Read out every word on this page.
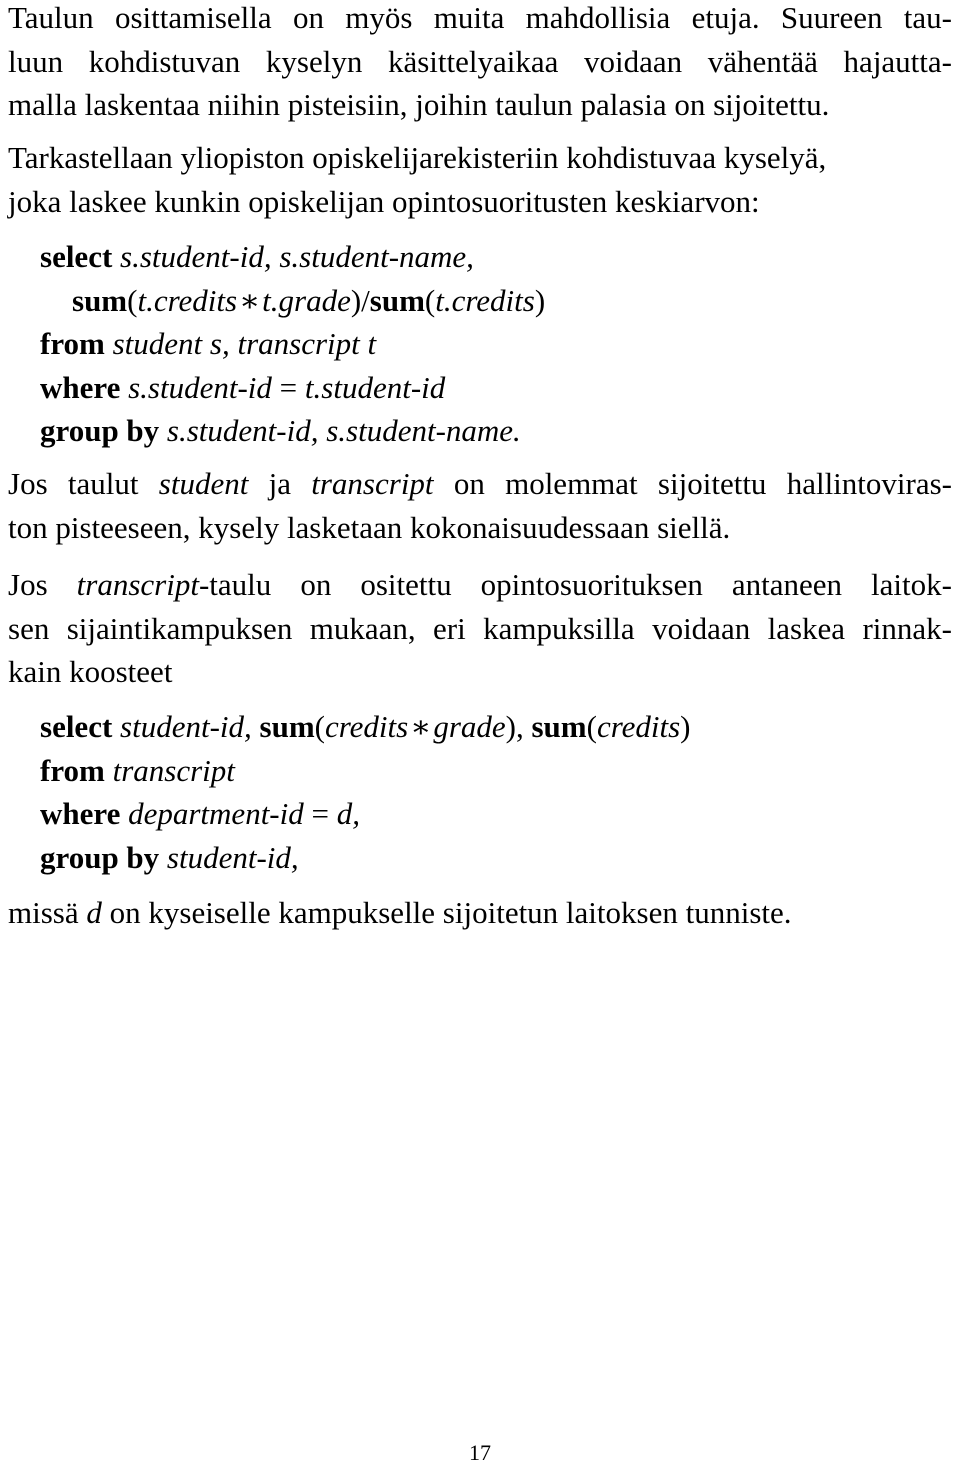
Taulun osittamisella on myös muita mahdollisia etuja. Suureen tau-
luun kohdistuvan kyselyn käsittelyaikaa voidaan vähentää hajautta-
malla laskentaa niihin pisteisiin, joihin taulun palasia on sijoitettu.
Tarkastellaan yliopiston opiskelijarekisteriin kohdistuvaa kyselyä,
joka laskee kunkin opiskelijan opintosuoritusten keskiarvon:
select s.student-id, s.student-name,
sum(t.credits∗t.grade)/sum(t.credits)
from student s, transcript t
where s.student-id = t.student-id
group by s.student-id, s.student-name.
Jos taulut student ja transcript on molemmat sijoitettu hallintoviras-
ton pisteeseen, kysely lasketaan kokonaisuudessaan siellä.
Jos transcript-taulu on ositettu opintosuorituksen antaneen laitok-
sen sijaintikampuksen mukaan, eri kampuksilla voidaan laskea rinnak-
kain koosteet
select student-id, sum(credits∗grade), sum(credits)
from transcript
where department-id = d,
group by student-id,
missä d on kyseiselle kampukselle sijoitetun laitoksen tunniste.
17
